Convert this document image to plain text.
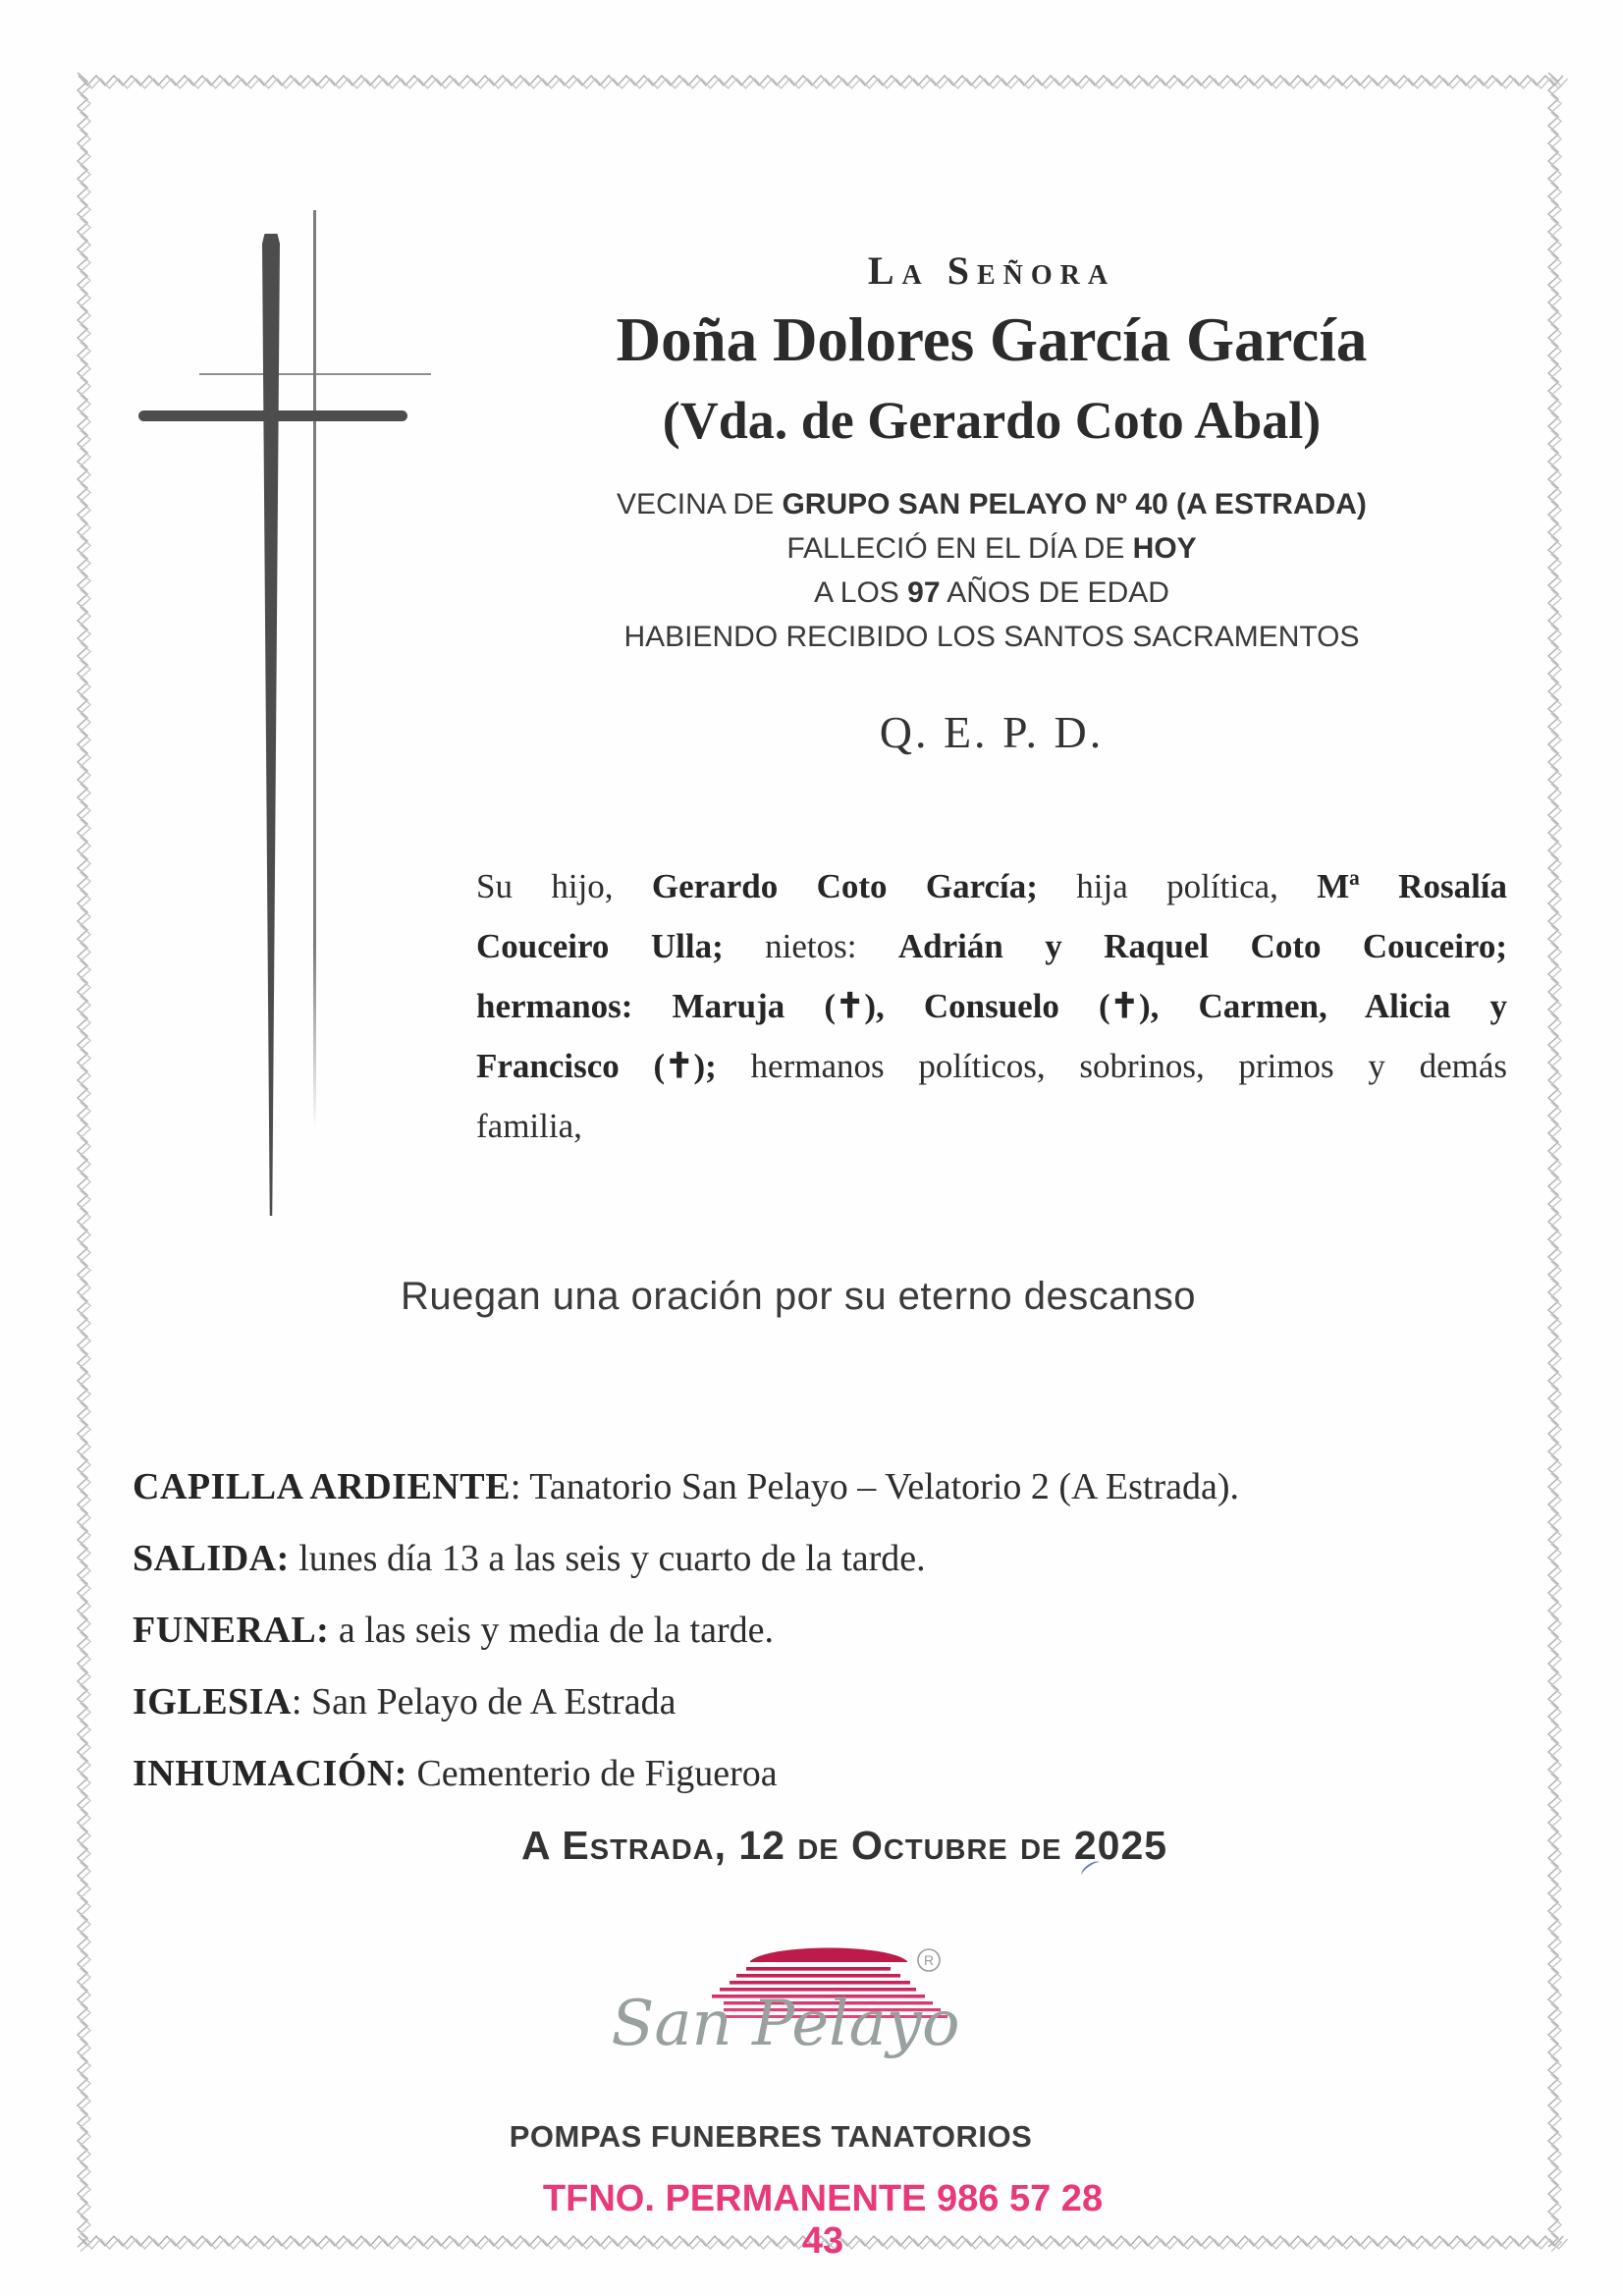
La Señora
Doña Dolores García García
(Vda. de Gerardo Coto Abal)
VECINA DE GRUPO SAN PELAYO Nº 40 (A ESTRADA)
FALLECIÓ EN EL DÍA DE HOY
A LOS 97 AÑOS DE EDAD
HABIENDO RECIBIDO LOS SANTOS SACRAMENTOS
Q. E. P. D.
Su hijo, Gerardo Coto García; hija política, Mª Rosalía
Couceiro Ulla; nietos: Adrián y Raquel Coto Couceiro;
hermanos: Maruja (✝), Consuelo (✝), Carmen, Alicia y
Francisco (✝); hermanos políticos, sobrinos, primos y demás
familia,
Ruegan una oración por su eterno descanso
CAPILLA ARDIENTE: Tanatorio San Pelayo – Velatorio 2 (A Estrada).
SALIDA: lunes día 13 a las seis y cuarto de la tarde.
FUNERAL: a las seis y media de la tarde.
IGLESIA: San Pelayo de A Estrada
INHUMACIÓN: Cementerio de Figueroa
A Estrada, 12 de Octubre de 2025
R
San Pelayo
POMPAS FUNEBRES TANATORIOS
TFNO. PERMANENTE 986 57 28 43
